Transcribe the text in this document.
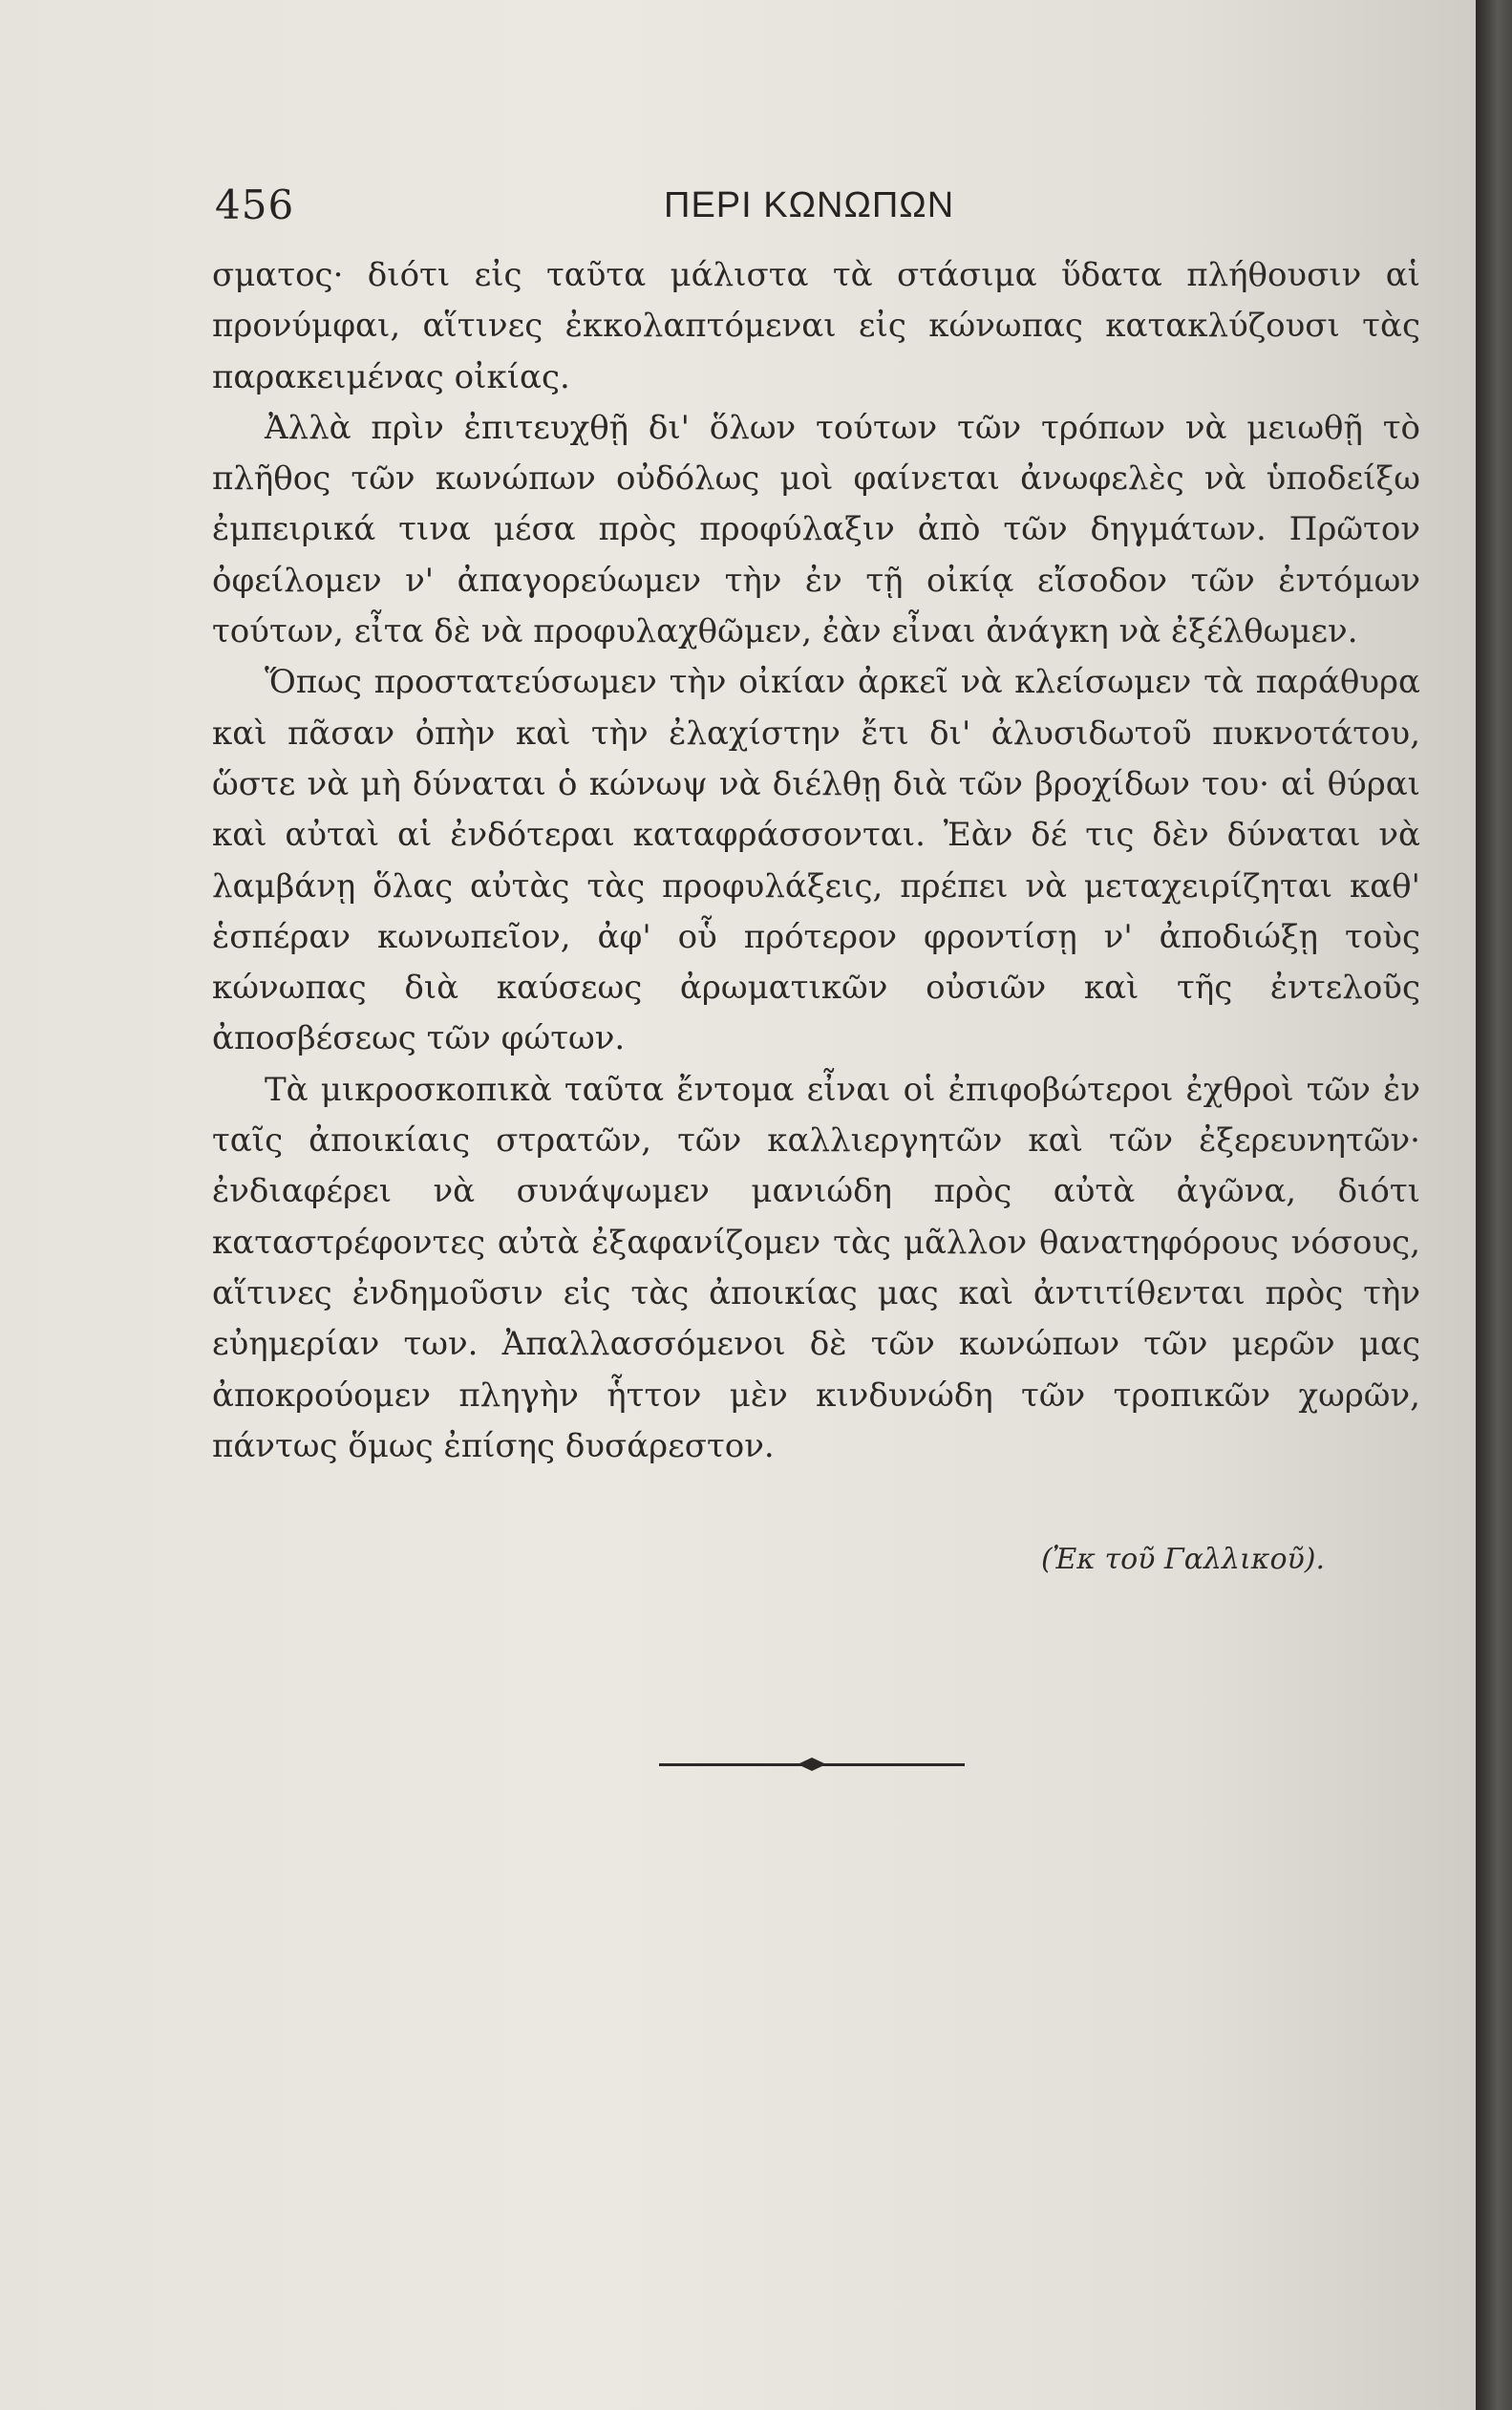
456	ΠΕΡΙ ΚΩΝΩΠΩΝ

σματος· διότι εἰς ταῦτα μάλιστα τὰ στάσιμα ὕδατα πλήθουσιν αἱ προνύμφαι, αἵτινες ἐκκολαπτόμεναι εἰς κώνωπας κατακλύζουσι τὰς παρακειμένας οἰκίας.

Ἀλλὰ πρὶν ἐπιτευχθῇ δι' ὅλων τούτων τῶν τρόπων νὰ μειωθῇ τὸ πλῆθος τῶν κωνώπων οὐδόλως μοὶ φαίνεται ἀνωφελὲς νὰ ὑποδείξω ἐμπειρικά τινα μέσα πρὸς προφύλαξιν ἀπὸ τῶν δηγμάτων. Πρῶτον ὀφείλομεν ν' ἀπαγορεύωμεν τὴν ἐν τῇ οἰκίᾳ εἴσοδον τῶν ἐντόμων τούτων, εἶτα δὲ νὰ προφυλαχθῶμεν, ἐὰν εἶναι ἀνάγκη νὰ ἐξέλθωμεν.

Ὅπως προστατεύσωμεν τὴν οἰκίαν ἀρκεῖ νὰ κλείσωμεν τὰ παράθυρα καὶ πᾶσαν ὀπὴν καὶ τὴν ἐλαχίστην ἔτι δι' ἀλυσιδωτοῦ πυκνοτάτου, ὥστε νὰ μὴ δύναται ὁ κώνωψ νὰ διέλθῃ διὰ τῶν βροχίδων του· αἱ θύραι καὶ αὐταὶ αἱ ἐνδότεραι καταφράσσονται. Ἐὰν δέ τις δὲν δύναται νὰ λαμβάνῃ ὅλας αὐτὰς τὰς προφυλάξεις, πρέπει νὰ μεταχειρίζηται καθ' ἑσπέραν κωνωπεῖον, ἀφ' οὗ πρότερον φροντίσῃ ν' ἀποδιώξῃ τοὺς κώνωπας διὰ καύσεως ἀρωματικῶν οὐσιῶν καὶ τῆς ἐντελοῦς ἀποσβέσεως τῶν φώτων.

Τὰ μικροσκοπικὰ ταῦτα ἔντομα εἶναι οἱ ἐπιφοβώτεροι ἐχθροὶ τῶν ἐν ταῖς ἀποικίαις στρατῶν, τῶν καλλιεργητῶν καὶ τῶν ἐξερευνητῶν· ἐνδιαφέρει νὰ συνάψωμεν μανιώδη πρὸς αὐτὰ ἀγῶνα, διότι καταστρέφοντες αὐτὰ ἐξαφανίζομεν τὰς μᾶλλον θανατηφόρους νόσους, αἵτινες ἐνδημοῦσιν εἰς τὰς ἀποικίας μας καὶ ἀντιτίθενται πρὸς τὴν εὐημερίαν των. Ἀπαλλασσόμενοι δὲ τῶν κωνώπων τῶν μερῶν μας ἀποκρούομεν πληγὴν ἧττον μὲν κινδυνώδη τῶν τροπικῶν χωρῶν, πάντως ὅμως ἐπίσης δυσάρεστον.

(Ἐκ τοῦ Γαλλικοῦ).
